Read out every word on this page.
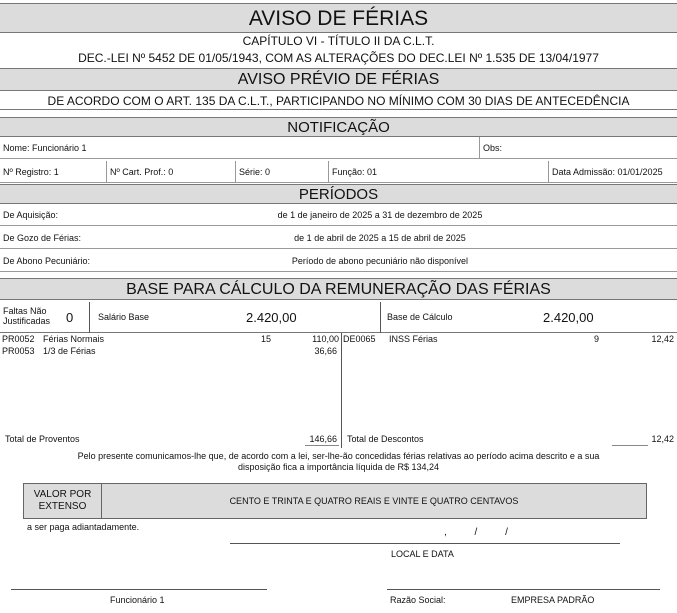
AVISO DE FÉRIAS
CAPÍTULO VI - TÍTULO II DA C.L.T.
DEC.-LEI Nº 5452 DE 01/05/1943, COM AS ALTERAÇÕES DO DEC.LEI Nº 1.535 DE 13/04/1977
AVISO PRÉVIO DE FÉRIAS
DE ACORDO COM O ART. 135 DA C.L.T., PARTICIPANDO NO MÍNIMO COM 30 DIAS DE ANTECEDÊNCIA
NOTIFICAÇÃO
Nome: Funcionário 1	Obs:
Nº Registro: 1	Nº Cart. Prof.: 0	Série: 0	Função: 01	Data Admissão: 01/01/2025
PERÍODOS
De Aquisição:	de 1 de janeiro de 2025 a 31 de dezembro de 2025
De Gozo de Férias:	de 1 de abril de 2025 a 15 de abril de 2025
De Abono Pecuniário:	Período de abono pecuniário não disponível
BASE PARA CÁLCULO DA REMUNERAÇÃO DAS FÉRIAS
Faltas Não Justificadas	0	Salário Base	2.420,00	Base de Cálculo	2.420,00
PR0052 Férias Normais	15	110,00
PR0053 1/3 de Férias	36,66
DE0065 INSS Férias	9	12,42
Total de Proventos	146,66 Total de Descontos	12,42
Pelo presente comunicamos-lhe que, de acordo com a lei, ser-lhe-ão concedidas férias relativas ao período acima descrito e a sua
disposição fica a importância líquida de R$ 134,24
VALOR POR
EXTENSO	CENTO E TRINTA E QUATRO REAIS E VINTE E QUATRO CENTAVOS
a ser paga adiantadamente.	,          /          /
LOCAL E DATA
Funcionário 1	Razão Social:	EMPRESA PADRÃO
